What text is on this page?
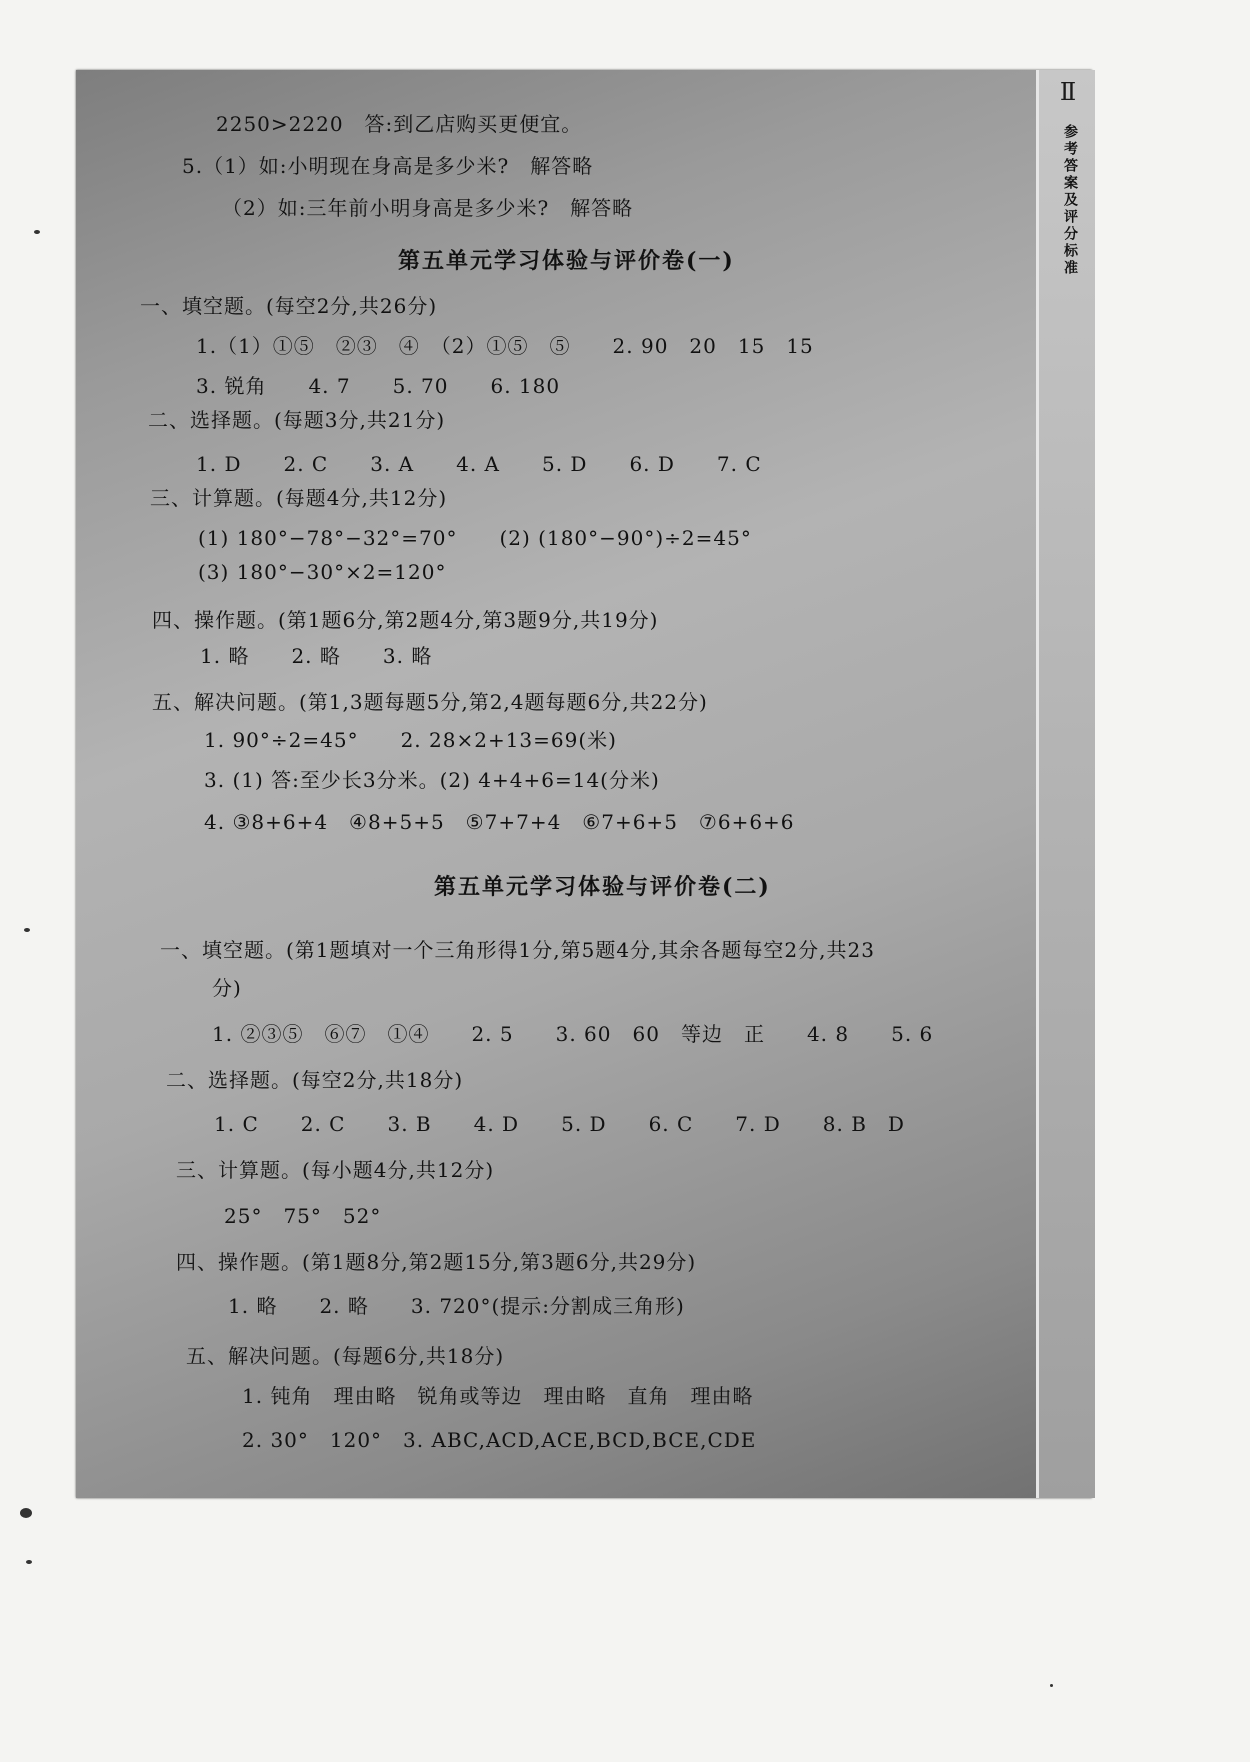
Ⅱ
参考答案及评分标准
2250>2220　答:到乙店购买更便宜。
5.（1）如:小明现在身高是多少米?　解答略
（2）如:三年前小明身高是多少米?　解答略
第五单元学习体验与评价卷(一)
一、填空题。(每空2分,共26分)
1.（1）①⑤　②③　④　（2）①⑤　⑤　　2. 90　20　15　15
3. 锐角　　4. 7　　5. 70　　6. 180
二、选择题。(每题3分,共21分)
1. D　　2. C　　3. A　　4. A　　5. D　　6. D　　7. C
三、计算题。(每题4分,共12分)
(1) 180°−78°−32°=70°　　(2) (180°−90°)÷2=45°
(3) 180°−30°×2=120°
四、操作题。(第1题6分,第2题4分,第3题9分,共19分)
1. 略　　2. 略　　3. 略
五、解决问题。(第1,3题每题5分,第2,4题每题6分,共22分)
1. 90°÷2=45°　　2. 28×2+13=69(米)
3. (1) 答:至少长3分米。(2) 4+4+6=14(分米)
4. ③8+6+4　④8+5+5　⑤7+7+4　⑥7+6+5　⑦6+6+6
第五单元学习体验与评价卷(二)
一、填空题。(第1题填对一个三角形得1分,第5题4分,其余各题每空2分,共23
分)
1. ②③⑤　⑥⑦　①④　　2. 5　　3. 60　60　等边　正　　4. 8　　5. 6
二、选择题。(每空2分,共18分)
1. C　　2. C　　3. B　　4. D　　5. D　　6. C　　7. D　　8. B　D
三、计算题。(每小题4分,共12分)
25°　75°　52°
四、操作题。(第1题8分,第2题15分,第3题6分,共29分)
1. 略　　2. 略　　3. 720°(提示:分割成三角形)
五、解决问题。(每题6分,共18分)
1. 钝角　理由略　锐角或等边　理由略　直角　理由略
2. 30°　120°　3. ABC,ACD,ACE,BCD,BCE,CDE
